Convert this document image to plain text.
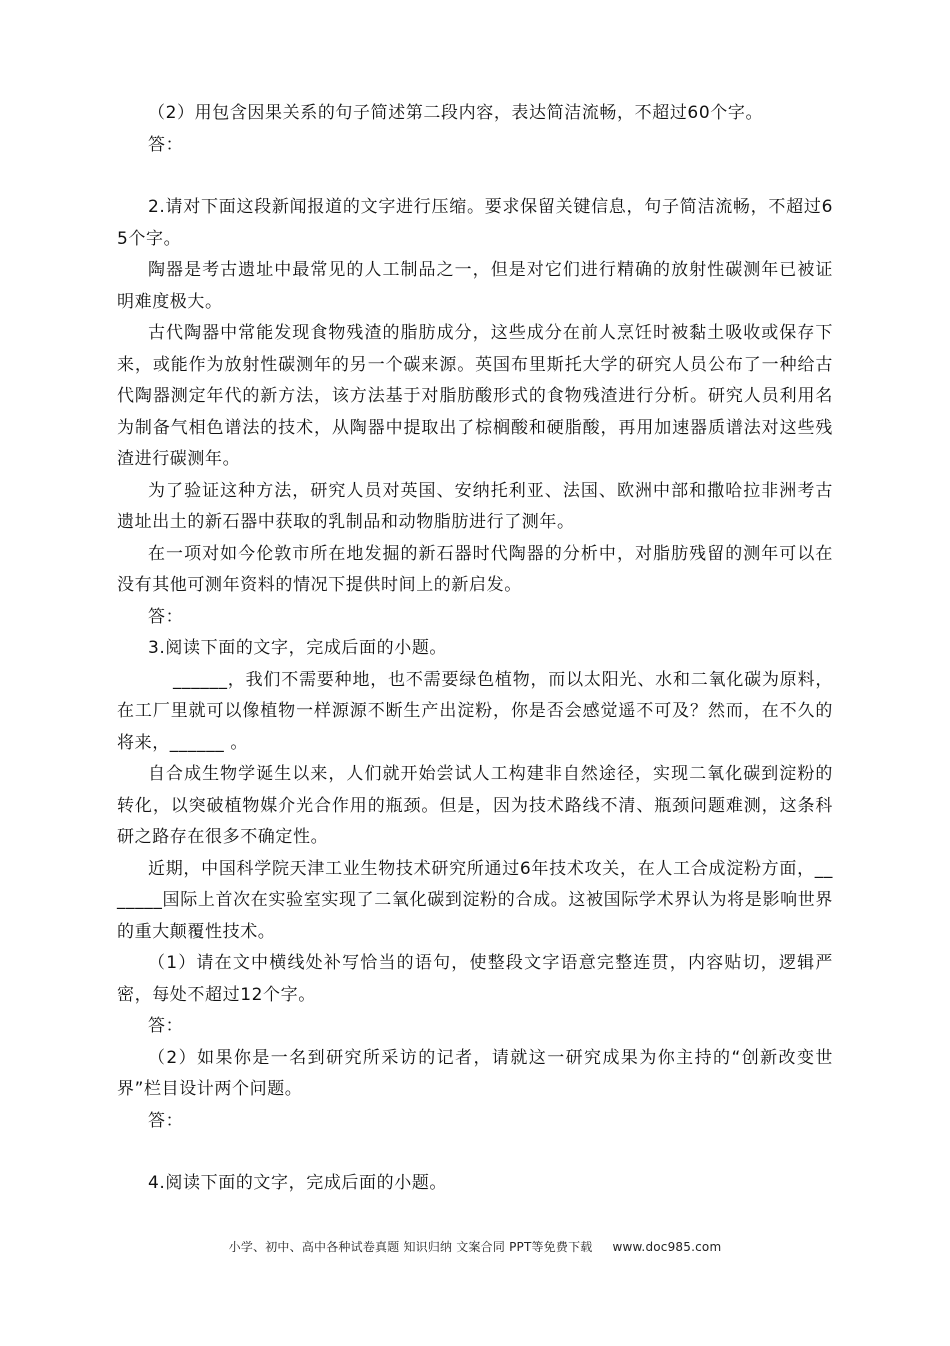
（2）用包含因果关系的句子简述第二段内容，表达简洁流畅，不超过60个字。

答：

2.请对下面这段新闻报道的文字进行压缩。要求保留关键信息，句子简洁流畅，不超过65个字。

陶器是考古遗址中最常见的人工制品之一，但是对它们进行精确的放射性碳测年已被证明难度极大。

古代陶器中常能发现食物残渣的脂肪成分，这些成分在前人烹饪时被黏土吸收或保存下来，或能作为放射性碳测年的另一个碳来源。英国布里斯托大学的研究人员公布了一种给古代陶器测定年代的新方法，该方法基于对脂肪酸形式的食物残渣进行分析。研究人员利用名为制备气相色谱法的技术，从陶器中提取出了棕榈酸和硬脂酸，再用加速器质谱法对这些残渣进行碳测年。

为了验证这种方法，研究人员对英国、安纳托利亚、法国、欧洲中部和撒哈拉非洲考古遗址出土的新石器中获取的乳制品和动物脂肪进行了测年。

在一项对如今伦敦市所在地发掘的新石器时代陶器的分析中，对脂肪残留的测年可以在没有其他可测年资料的情况下提供时间上的新启发。

答：

3.阅读下面的文字，完成后面的小题。

______，我们不需要种地，也不需要绿色植物，而以太阳光、水和二氧化碳为原料，在工厂里就可以像植物一样源源不断生产出淀粉，你是否会感觉遥不可及？然而，在不久的将来，______ 。

自合成生物学诞生以来，人们就开始尝试人工构建非自然途径，实现二氧化碳到淀粉的转化，以突破植物媒介光合作用的瓶颈。但是，因为技术路线不清、瓶颈问题难测，这条科研之路存在很多不确定性。

近期，中国科学院天津工业生物技术研究所通过6年技术攻关，在人工合成淀粉方面，_______国际上首次在实验室实现了二氧化碳到淀粉的合成。这被国际学术界认为将是影响世界的重大颠覆性技术。

（1）请在文中横线处补写恰当的语句，使整段文字语意完整连贯，内容贴切，逻辑严密，每处不超过12个字。

答：

（2）如果你是一名到研究所采访的记者，请就这一研究成果为你主持的“创新改变世界”栏目设计两个问题。

答：

4.阅读下面的文字，完成后面的小题。

小学、初中、高中各种试卷真题 知识归纳 文案合同 PPT等免费下载 www.doc985.com
